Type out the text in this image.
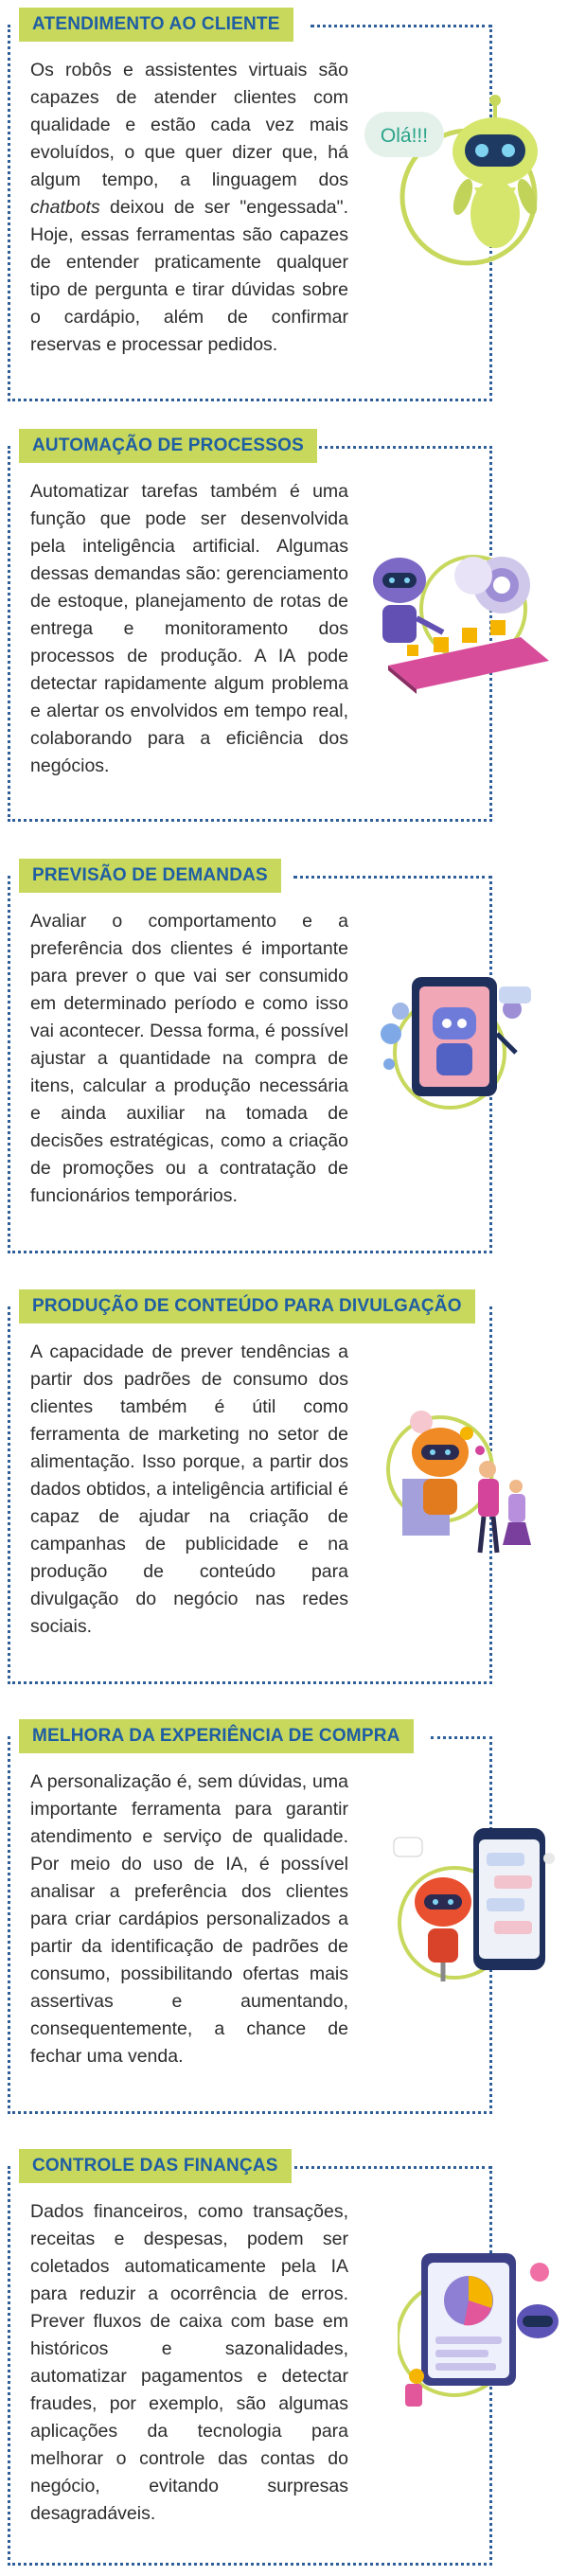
ATENDIMENTO AO CLIENTE
Os robôs e assistentes virtuais são capazes de atender clientes com qualidade e estão cada vez mais evoluídos, o que quer dizer que, há algum tempo, a linguagem dos chatbots deixou de ser "engessada". Hoje, essas ferramentas são capazes de entender praticamente qualquer tipo de pergunta e tirar dúvidas sobre o cardápio, além de confirmar reservas e processar pedidos.
Olá!!!
AUTOMAÇÃO DE PROCESSOS
Automatizar tarefas também é uma função que pode ser desenvolvida pela inteligência artificial. Algumas dessas demandas são: gerenciamento de estoque, planejamento de rotas de entrega e monitoramento dos processos de produção. A IA pode detectar rapidamente algum problema e alertar os envolvidos em tempo real, colaborando para a eficiência dos negócios.
PREVISÃO DE DEMANDAS
Avaliar o comportamento e a preferência dos clientes é importante para prever o que vai ser consumido em determinado período e como isso vai acontecer. Dessa forma, é possível ajustar a quantidade na compra de itens, calcular a produção necessária e ainda auxiliar na tomada de decisões estratégicas, como a criação de promoções ou a contratação de funcionários temporários.
PRODUÇÃO DE CONTEÚDO PARA DIVULGAÇÃO
A capacidade de prever tendências a partir dos padrões de consumo dos clientes também é útil como ferramenta de marketing no setor de alimentação. Isso porque, a partir dos dados obtidos, a inteligência artificial é capaz de ajudar na criação de campanhas de publicidade e na produção de conteúdo para divulgação do negócio nas redes sociais.
MELHORA DA EXPERIÊNCIA DE COMPRA
A personalização é, sem dúvidas, uma importante ferramenta para garantir atendimento e serviço de qualidade. Por meio do uso de IA, é possível analisar a preferência dos clientes para criar cardápios personalizados a partir da identificação de padrões de consumo, possibilitando ofertas mais assertivas e aumentando, consequentemente, a chance de fechar uma venda.
CONTROLE DAS FINANÇAS
Dados financeiros, como transações, receitas e despesas, podem ser coletados automaticamente pela IA para reduzir a ocorrência de erros. Prever fluxos de caixa com base em históricos e sazonalidades, automatizar pagamentos e detectar fraudes, por exemplo, são algumas aplicações da tecnologia para melhorar o controle das contas do negócio, evitando surpresas desagradáveis.
